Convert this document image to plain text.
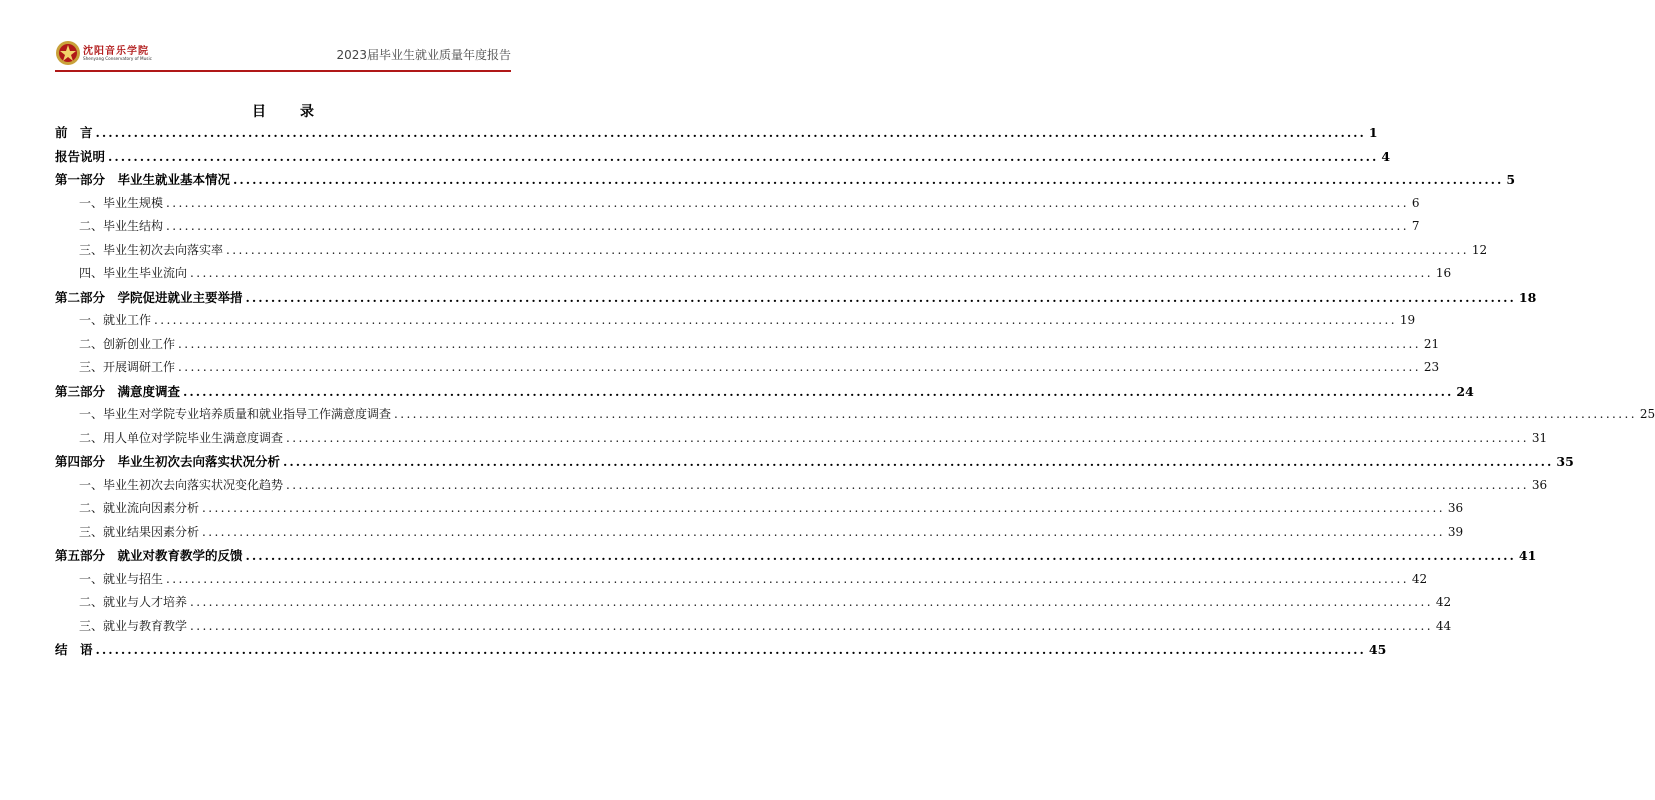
沈阳音乐学院
Shenyang Conservatory of Music	2023届毕业生就业质量年度报告
目　录
前　言 ........................................................................................................................................................................................................ 1
报告说明 ........................................................................................................................................................................................................ 4
第一部分　毕业生就业基本情况 ........................................................................................................................................................................................................ 5
一、毕业生规模 ........................................................................................................................................................................................................ 6
二、毕业生结构 ........................................................................................................................................................................................................ 7
三、毕业生初次去向落实率 ........................................................................................................................................................................................................ 12
四、毕业生毕业流向 ........................................................................................................................................................................................................ 16
第二部分　学院促进就业主要举措 ........................................................................................................................................................................................................ 18
一、就业工作 ........................................................................................................................................................................................................ 19
二、创新创业工作 ........................................................................................................................................................................................................ 21
三、开展调研工作 ........................................................................................................................................................................................................ 23
第三部分　满意度调查 ........................................................................................................................................................................................................ 24
一、毕业生对学院专业培养质量和就业指导工作满意度调查 ........................................................................................................................................................................................................ 25
二、用人单位对学院毕业生满意度调查 ........................................................................................................................................................................................................ 31
第四部分　毕业生初次去向落实状况分析 ........................................................................................................................................................................................................ 35
一、毕业生初次去向落实状况变化趋势 ........................................................................................................................................................................................................ 36
二、就业流向因素分析 ........................................................................................................................................................................................................ 36
三、就业结果因素分析 ........................................................................................................................................................................................................ 39
第五部分　就业对教育教学的反馈 ........................................................................................................................................................................................................ 41
一、就业与招生 ........................................................................................................................................................................................................ 42
二、就业与人才培养 ........................................................................................................................................................................................................ 42
三、就业与教育教学 ........................................................................................................................................................................................................ 44
结　语 ........................................................................................................................................................................................................ 45
